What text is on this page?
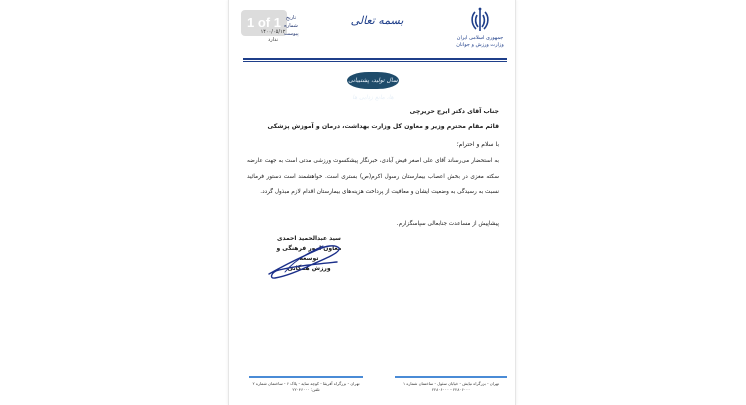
1 of 1	تاریخ
شماره
پیوست
۱۴۰۰/۰۵/۱۲
ندارد
بسمه تعالی
جمهوری اسلامی ایران
وزارت ورزش و جوانان
سال تولید، پشتیبانی ها، مانع زدایی ها
جناب آقای دکتر ایرج حریرچی
قائم مقام محترم وزیر و معاون کل وزارت بهداشت، درمان و آموزش پزشکی
با سلام و احترام؛
به استحضار می‌رساند آقای علی اصغر فیض آبادی، خبرنگار پیشکسوت ورزشی مدتی است به جهت عارضه سکته مغزی در بخش اعصاب بیمارستان رسول اکرم(ص) بستری است. خواهشمند است دستور فرمائید نسبت به رسیدگی به وضعیت ایشان و معافیت از پرداخت هزینه‌های بیمارستان اقدام لازم مبذول گردد.
پیشاپیش از مساعدت جنابعالی سپاسگزارم.
سید عبدالحمید احمدی
معاون امور فرهنگی و توسعه
ورزش همگانی
تهران - بزرگراه آفریقا - کوچه سایه - پلاک ۶ - ساختمان شماره ۲
تلفن: ۲۲۰۴۶۰۰۰
تهران - بزرگراه نیایش - خیابان سئول - ساختمان شماره ۱
۲۲۸۰۶۰۰۰ - ۲۲۸۰۶۰۰۰
